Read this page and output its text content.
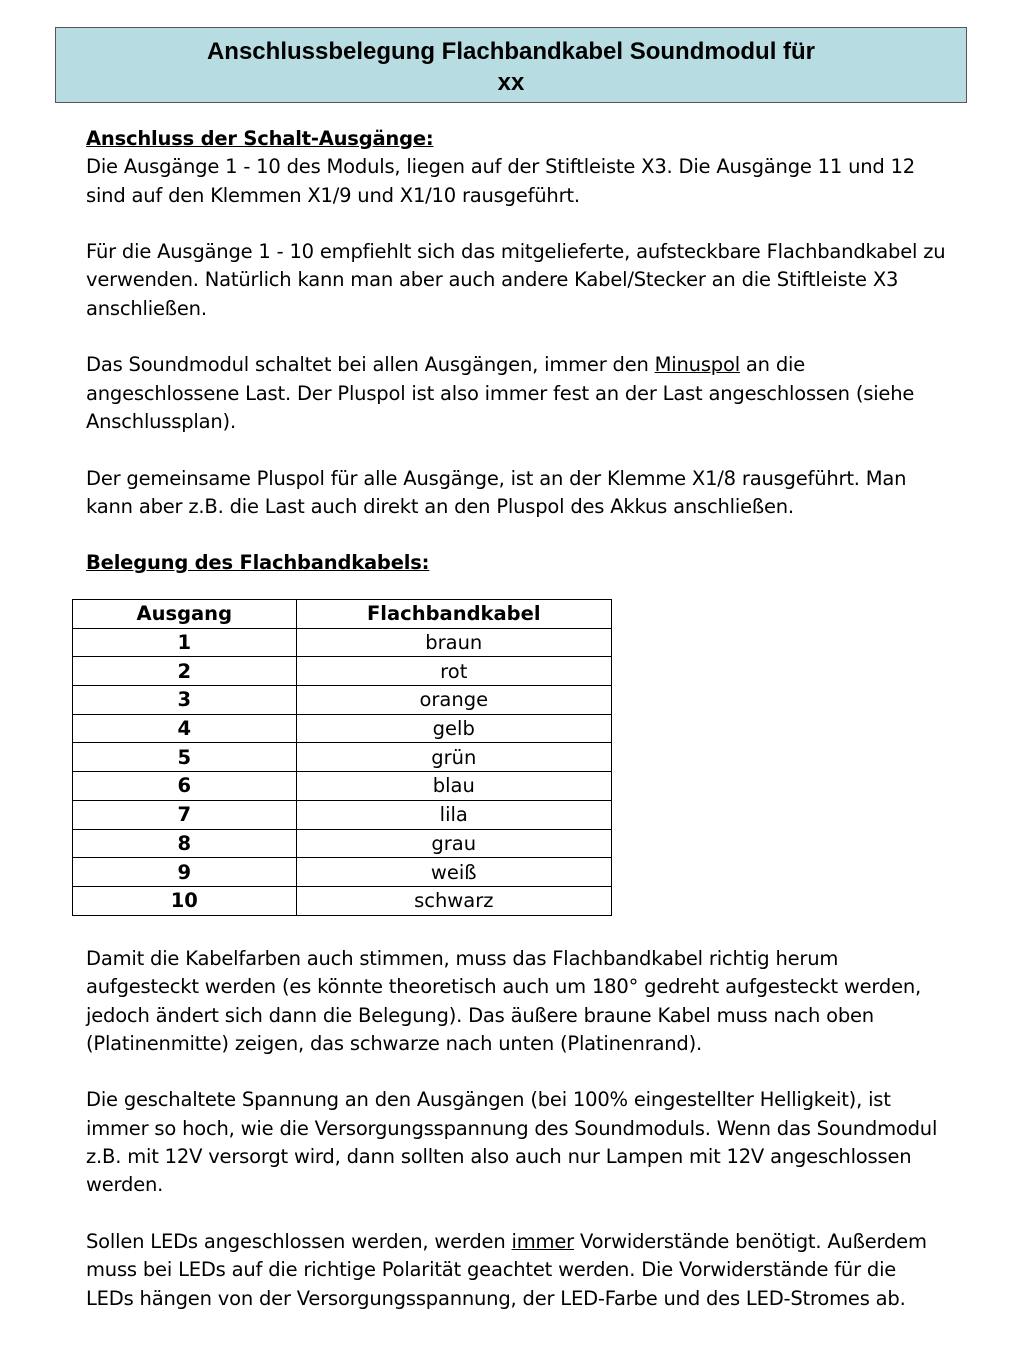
Anschlussbelegung Flachbandkabel Soundmodul für
xx

Anschluss der Schalt-Ausgänge:

Die Ausgänge 1 - 10 des Moduls, liegen auf der Stiftleiste X3. Die Ausgänge 11 und 12 sind auf den Klemmen X1/9 und X1/10 rausgeführt.

Für die Ausgänge 1 - 10 empfiehlt sich das mitgelieferte, aufsteckbare Flachbandkabel zu verwenden. Natürlich kann man aber auch andere Kabel/Stecker an die Stiftleiste X3 anschließen.

Das Soundmodul schaltet bei allen Ausgängen, immer den Minuspol an die angeschlossene Last. Der Pluspol ist also immer fest an der Last angeschlossen (siehe Anschlussplan).

Der gemeinsame Pluspol für alle Ausgänge, ist an der Klemme X1/8 rausgeführt. Man kann aber z.B. die Last auch direkt an den Pluspol des Akkus anschließen.

Belegung des Flachbandkabels:

Ausgang	Flachbandkabel
1	braun
2	rot
3	orange
4	gelb
5	grün
6	blau
7	lila
8	grau
9	weiß
10	schwarz

Damit die Kabelfarben auch stimmen, muss das Flachbandkabel richtig herum aufgesteckt werden (es könnte theoretisch auch um 180° gedreht aufgesteckt werden, jedoch ändert sich dann die Belegung). Das äußere braune Kabel muss nach oben (Platinenmitte) zeigen, das schwarze nach unten (Platinenrand).

Die geschaltete Spannung an den Ausgängen (bei 100% eingestellter Helligkeit), ist immer so hoch, wie die Versorgungsspannung des Soundmoduls. Wenn das Soundmodul z.B. mit 12V versorgt wird, dann sollten also auch nur Lampen mit 12V angeschlossen werden.

Sollen LEDs angeschlossen werden, werden immer Vorwiderstände benötigt. Außerdem muss bei LEDs auf die richtige Polarität geachtet werden. Die Vorwiderstände für die LEDs hängen von der Versorgungsspannung, der LED-Farbe und des LED-Stromes ab.
